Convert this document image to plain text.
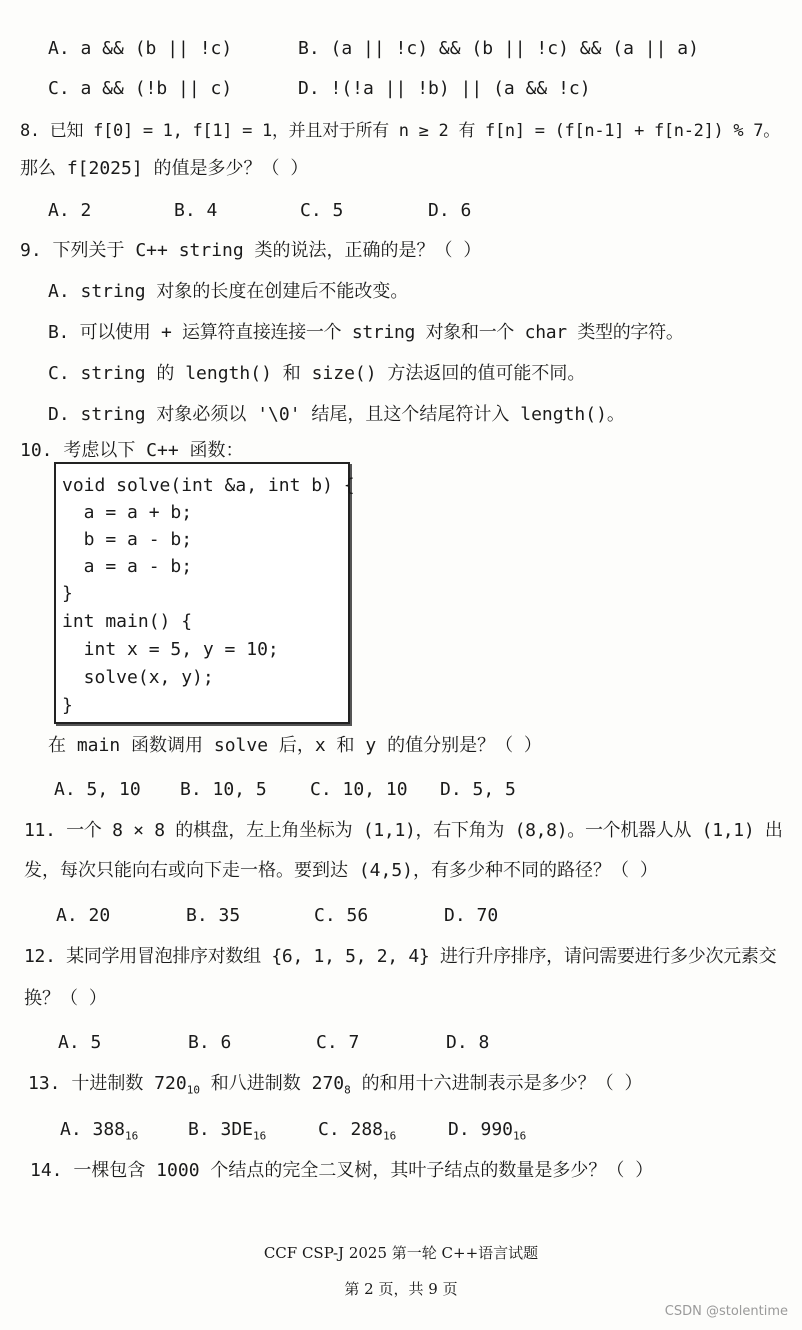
A. a && (b || !c)	B. (a || !c) && (b || !c) && (a || a)
C. a && (!b || c)	D. !(!a || !b) || (a && !c)
8. 已知 f[0] = 1, f[1] = 1，并且对于所有 n ≥ 2 有 f[n] = (f[n-1] + f[n-2]) % 7。
那么 f[2025] 的值是多少？（ ）
A. 2	B. 4	C. 5	D. 6
9. 下列关于 C++ string 类的说法，正确的是？（ ）
A. string 对象的长度在创建后不能改变。
B. 可以使用 + 运算符直接连接一个 string 对象和一个 char 类型的字符。
C. string 的 length() 和 size() 方法返回的值可能不同。
D. string 对象必须以 '\0' 结尾，且这个结尾符计入 length()。
10. 考虑以下 C++ 函数：
void solve(int &a, int b) {
a = a + b;
b = a - b;
a = a - b;
}
int main() {
int x = 5, y = 10;
solve(x, y);
}
在 main 函数调用 solve 后，x 和 y 的值分别是？（ ）
A. 5, 10 B. 10, 5 C. 10, 10 D. 5, 5
11. 一个 8 × 8 的棋盘，左上角坐标为 (1,1)，右下角为 (8,8)。一个机器人从 (1,1) 出
发，每次只能向右或向下走一格。要到达 (4,5)，有多少种不同的路径？（ ）
A. 20	B. 35	C. 56	D. 70
12. 某同学用冒泡排序对数组 {6, 1, 5, 2, 4} 进行升序排序，请问需要进行多少次元素交
换？（ ）
A. 5	B. 6	C. 7	D. 8
13. 十进制数 $720_{10}$ 和八进制数 $270_8$ 的和用十六进制表示是多少？（ ）
A. $388_{16}$	B. $3DE_{16}$	C. $288_{16}$	D. $990_{16}$
14. 一棵包含 1000 个结点的完全二叉树，其叶子结点的数量是多少？（ ）
CCF CSP-J 2025 第一轮 C++语言试题
第 2 页，共 9 页
CSDN @stolentime
